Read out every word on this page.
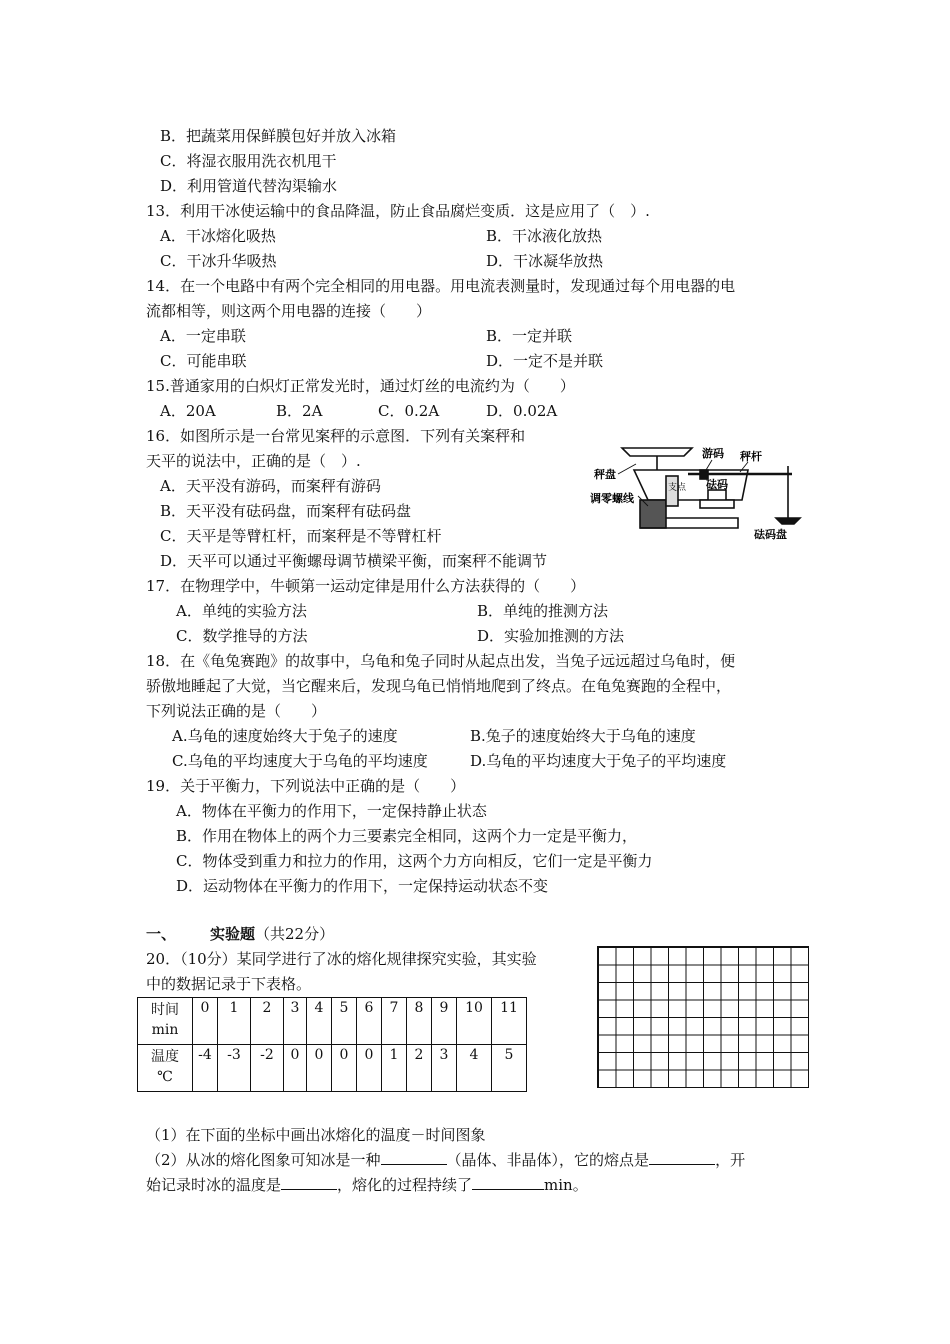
B．把蔬菜用保鲜膜包好并放入冰箱
C．将湿衣服用洗衣机甩干
D．利用管道代替沟渠输水
13．利用干冰使运输中的食品降温，防止食品腐烂变质．这是应用了（　）.
A．干冰熔化吸热	B．干冰液化放热
C．干冰升华吸热	D．干冰凝华放热
14．在一个电路中有两个完全相同的用电器。用电流表测量时，发现通过每个用电器的电
流都相等，则这两个用电器的连接（　　）
A．一定串联	B．一定并联
C．可能串联	D．一定不是并联
15.普通家用的白炽灯正常发光时，通过灯丝的电流约为（　　）
A．20A	B．2A	C．0.2A	D．0.02A
16．如图所示是一台常见案秤的示意图．下列有关案秤和
天平的说法中，正确的是（　）.
A．天平没有游码，而案秤有游码
B．天平没有砝码盘，而案秤有砝码盘
C．天平是等臂杠杆，而案秤是不等臂杠杆
D．天平可以通过平衡螺母调节横梁平衡，而案秤不能调节
游码 秤杆
秤盘
调零螺线
支点 砝码
砝码盘
17．在物理学中，牛顿第一运动定律是用什么方法获得的（　　）
A．单纯的实验方法	B．单纯的推测方法
C．数学推导的方法	D．实验加推测的方法
18．在《龟兔赛跑》的故事中，乌龟和兔子同时从起点出发，当兔子远远超过乌龟时，便
骄傲地睡起了大觉，当它醒来后，发现乌龟已悄悄地爬到了终点。在龟兔赛跑的全程中，
下列说法正确的是（　　）
A.乌龟的速度始终大于兔子的速度	B.兔子的速度始终大于乌龟的速度
C.乌龟的平均速度大于乌龟的平均速度	D.乌龟的平均速度大于兔子的平均速度
19．关于平衡力，下列说法中正确的是（　　）
A．物体在平衡力的作用下，一定保持静止状态
B．作用在物体上的两个力三要素完全相同，这两个力一定是平衡力，
C．物体受到重力和拉力的作用，这两个力方向相反，它们一定是平衡力
D．运动物体在平衡力的作用下，一定保持运动状态不变
一、 实验题（共22分）
20．（10分）某同学进行了冰的熔化规律探究实验，其实验
中的数据记录于下表格。
时间
min	0	1	2	3	4	5	6	7	8	9	10	11

温度
℃	-4	-3	-2	0	0	0	0	1	2	3	4	5
（1）在下面的坐标中画出冰熔化的温度－时间图象
（2）从冰的熔化图象可知冰是一种	（晶体、非晶体），它的熔点是	，开
始记录时冰的温度是	，熔化的过程持续了	min。
